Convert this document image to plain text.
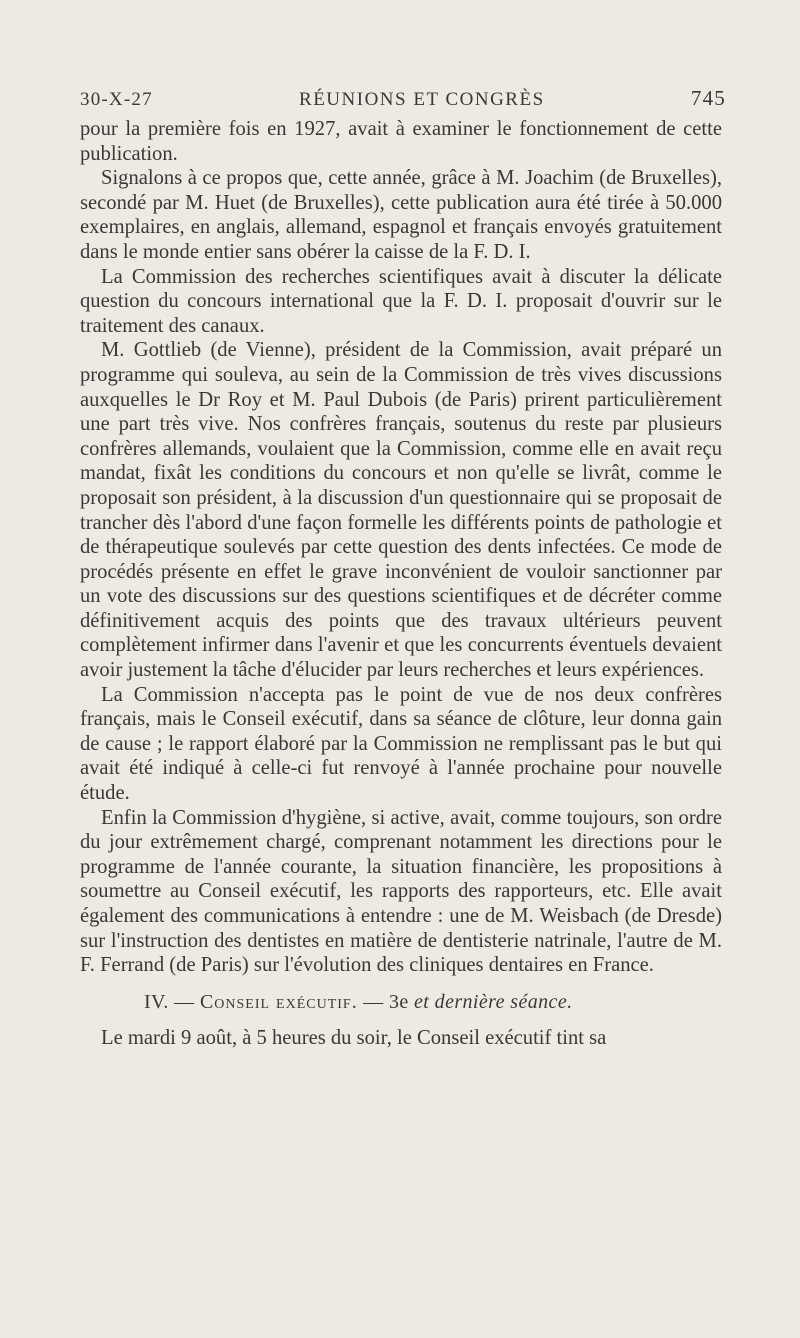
30-X-27	RÉUNIONS ET CONGRÈS	745

pour la première fois en 1927, avait à examiner le fonctionnement de cette publication.

Signalons à ce propos que, cette année, grâce à M. Joachim (de Bruxelles), secondé par M. Huet (de Bruxelles), cette publication aura été tirée à 50.000 exemplaires, en anglais, allemand, espagnol et français envoyés gratuitement dans le monde entier sans obérer la caisse de la F. D. I.

La Commission des recherches scientifiques avait à discuter la délicate question du concours international que la F. D. I. proposait d'ouvrir sur le traitement des canaux.

M. Gottlieb (de Vienne), président de la Commission, avait préparé un programme qui souleva, au sein de la Commission de très vives discussions auxquelles le Dr Roy et M. Paul Dubois (de Paris) prirent particulièrement une part très vive. Nos confrères français, soutenus du reste par plusieurs confrères allemands, voulaient que la Commission, comme elle en avait reçu mandat, fixât les conditions du concours et non qu'elle se livrât, comme le proposait son président, à la discussion d'un questionnaire qui se proposait de trancher dès l'abord d'une façon formelle les différents points de pathologie et de thérapeutique soulevés par cette question des dents infectées. Ce mode de procédés présente en effet le grave inconvénient de vouloir sanctionner par un vote des discussions sur des questions scientifiques et de décréter comme définitivement acquis des points que des travaux ultérieurs peuvent complètement infirmer dans l'avenir et que les concurrents éventuels devaient avoir justement la tâche d'élucider par leurs recherches et leurs expériences.

La Commission n'accepta pas le point de vue de nos deux confrères français, mais le Conseil exécutif, dans sa séance de clôture, leur donna gain de cause ; le rapport élaboré par la Commission ne remplissant pas le but qui avait été indiqué à celle-ci fut renvoyé à l'année prochaine pour nouvelle étude.

Enfin la Commission d'hygiène, si active, avait, comme toujours, son ordre du jour extrêmement chargé, comprenant notamment les directions pour le programme de l'année courante, la situation financière, les propositions à soumettre au Conseil exécutif, les rapports des rapporteurs, etc. Elle avait également des communications à entendre : une de M. Weisbach (de Dresde) sur l'instruction des dentistes en matière de dentisterie natrinale, l'autre de M. F. Ferrand (de Paris) sur l'évolution des cliniques dentaires en France.

IV. — Conseil exécutif. — 3e et dernière séance.

Le mardi 9 août, à 5 heures du soir, le Conseil exécutif tint sa
